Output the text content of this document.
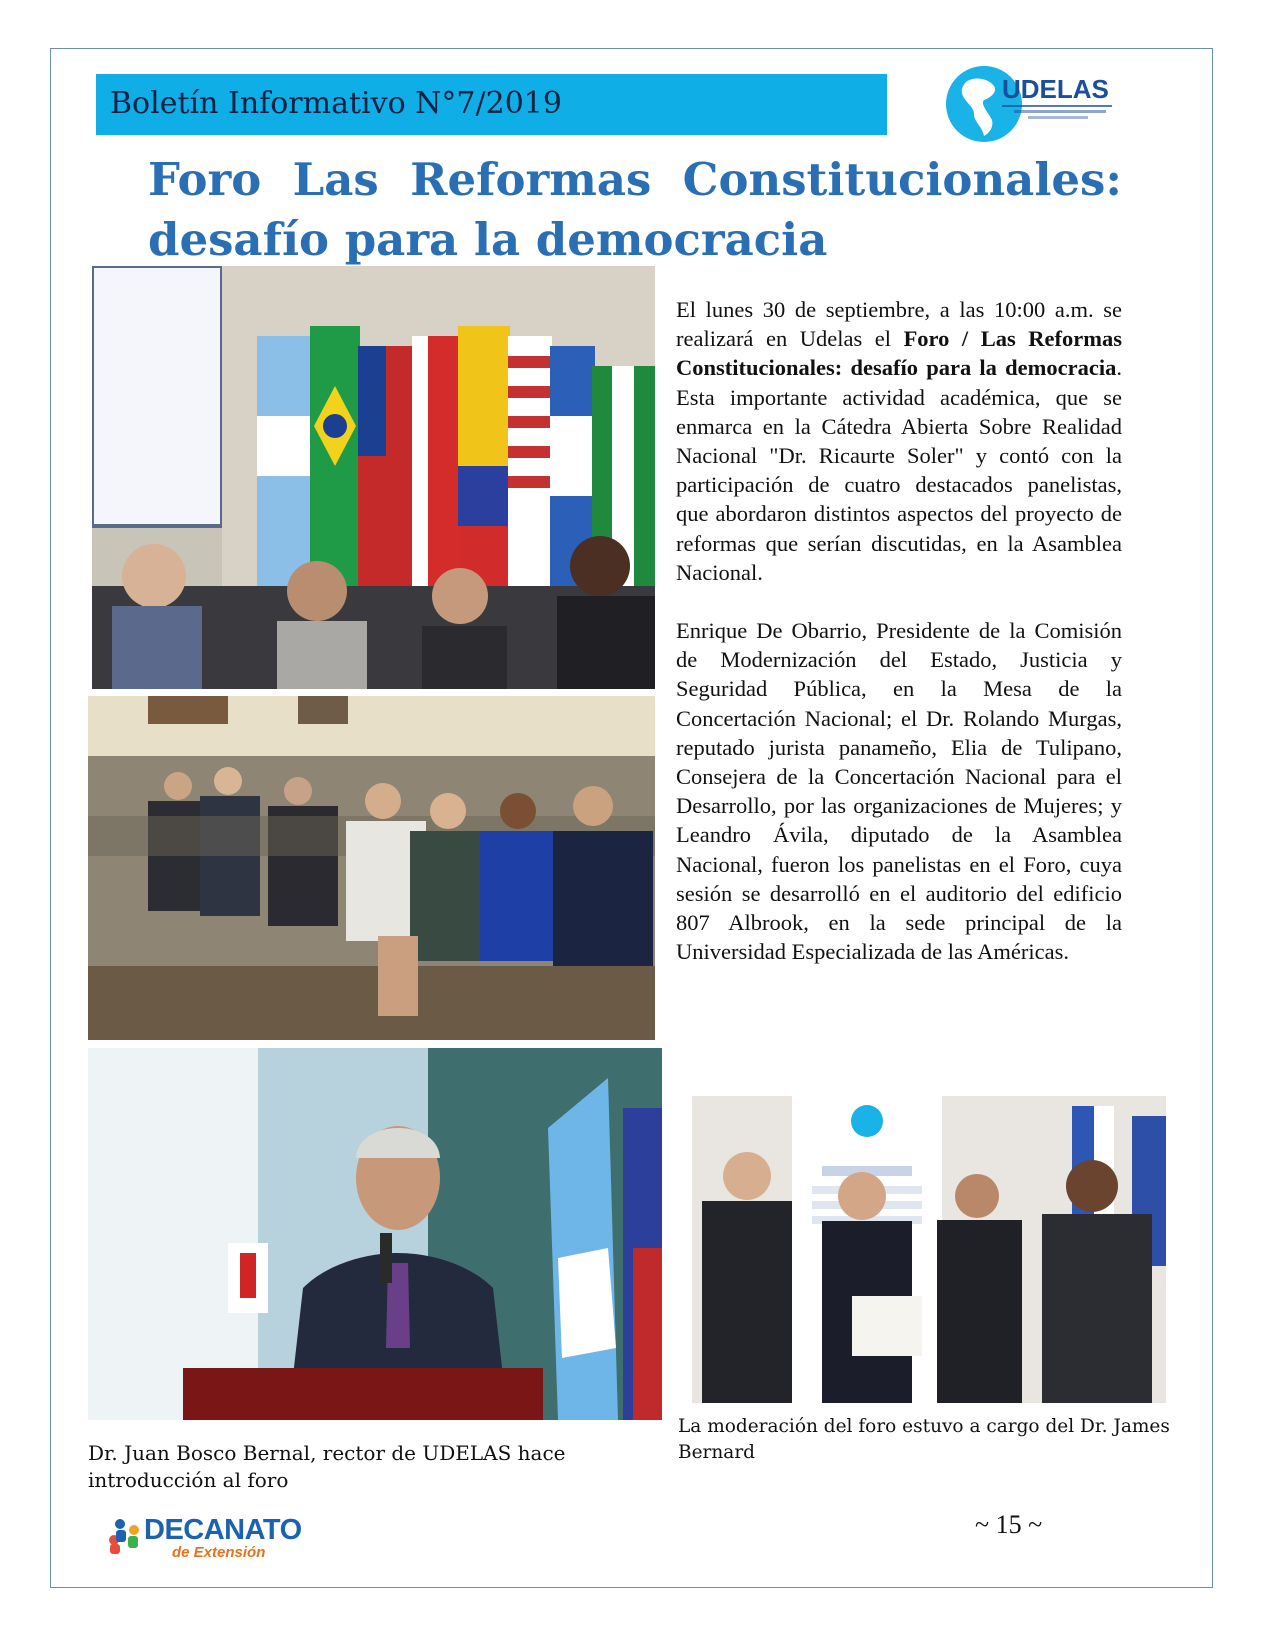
Boletín Informativo N°7/2019	UDELAS
Foro Las Reformas Constitucionales:
desafío para la democracia

El lunes 30 de septiembre, a las 10:00 a.m. se realizará en Udelas el Foro / Las Reformas Constitucionales: desafío para la democracia. Esta importante actividad académica, que se enmarca en la Cátedra Abierta Sobre Realidad Nacional "Dr. Ricaurte Soler" y contó con la participación de cuatro destacados panelistas, que abordaron distintos aspectos del proyecto de reformas que serían discutidas, en la Asamblea Nacional.

Enrique De Obarrio, Presidente de la Comisión de Modernización del Estado, Justicia y Seguridad Pública, en la Mesa de la Concertación Nacional; el Dr. Rolando Murgas, reputado jurista panameño, Elia de Tulipano, Consejera de la Concertación Nacional para el Desarrollo, por las organizaciones de Mujeres; y Leandro Ávila, diputado de la Asamblea Nacional, fueron los panelistas en el Foro, cuya sesión se desarrolló en el auditorio del edificio 807 Albrook, en la sede principal de la Universidad Especializada de las Américas.

Dr. Juan Bosco Bernal, rector de UDELAS hace introducción al foro
La moderación del foro estuvo a cargo del Dr. James Bernard
DECANATO
de Extensión
~ 15 ~
